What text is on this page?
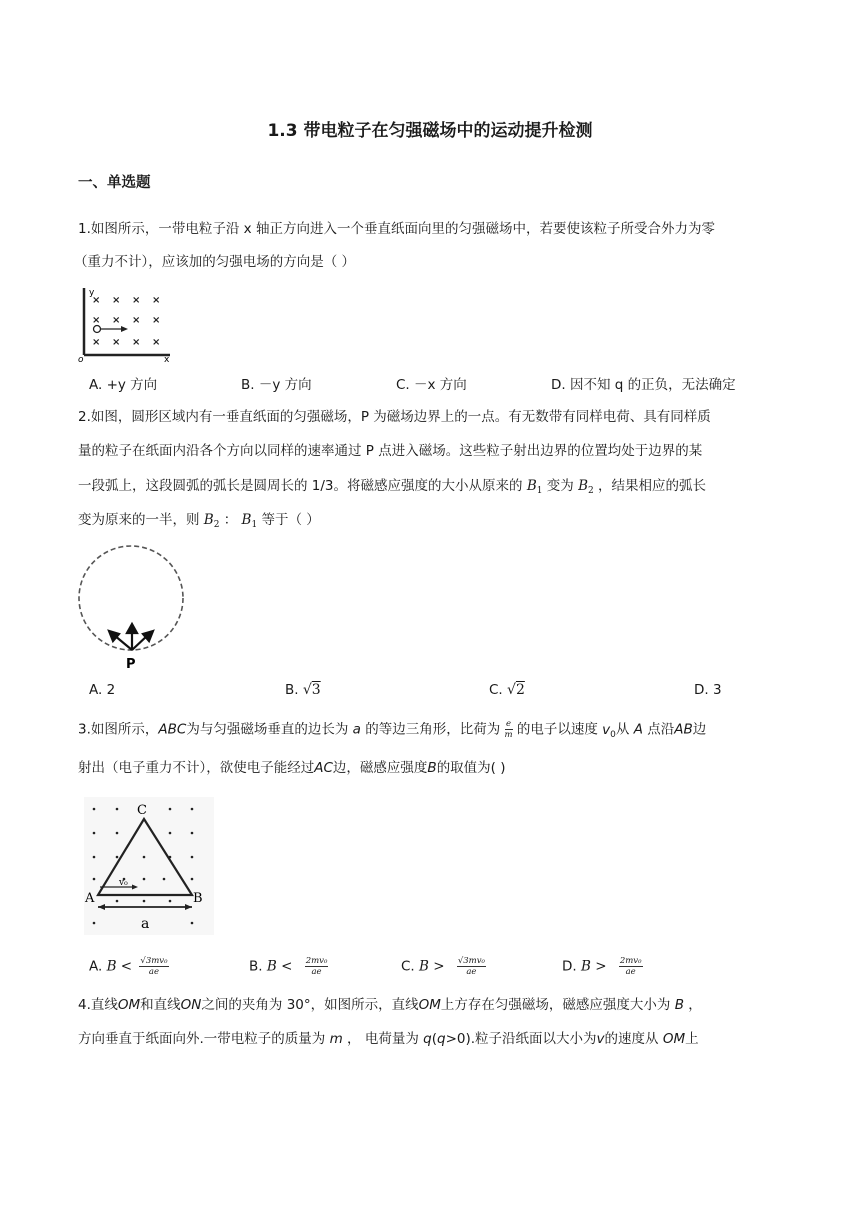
1.3 带电粒子在匀强磁场中的运动提升检测
一、单选题
1.如图所示，一带电粒子沿 x 轴正方向进入一个垂直纸面向里的匀强磁场中，若要使该粒子所受合外力为零
（重力不计），应该加的匀强电场的方向是（ ）
y
x
o
× × × ×
× × × ×
× × × ×
A. +y 方向	B. －y 方向	C. －x 方向	D. 因不知 q 的正负，无法确定
2.如图，圆形区域内有一垂直纸面的匀强磁场，P 为磁场边界上的一点。有无数带有同样电荷、具有同样质
量的粒子在纸面内沿各个方向以同样的速率通过 P 点进入磁场。这些粒子射出边界的位置均处于边界的某
一段弧上，这段圆弧的弧长是圆周长的 1/3。将磁感应强度的大小从原来的 $B_1$ 变为 $B_2$ ，结果相应的弧长
变为原来的一半，则 $B_2$ ： $B_1$ 等于（ ）
P
A. 2	B. √3	C. √2	D. 3
3.如图所示，ABC为与匀强磁场垂直的边长为 a 的等边三角形，比荷为 $\frac{e}{m}$ 的电子以速度 $v_0$从 A 点沿AB边
射出（电子重力不计），欲使电子能经过AC边，磁感应强度B的取值为( )
C
A	B
v₀
a
A. $B < \frac{\text{√3mv₀}}{ae}$	B. $B < \frac{\text{2mv₀}}{ae}$	C. $B > \frac{\text{√3mv₀}}{ae}$	D. $B > \frac{\text{2mv₀}}{ae}$
4.直线OM和直线ON之间的夹角为 30°，如图所示，直线OM上方存在匀强磁场，磁感应强度大小为 B ，
方向垂直于纸面向外.一带电粒子的质量为 m ， 电荷量为 q(q>0).粒子沿纸面以大小为v的速度从 OM上
